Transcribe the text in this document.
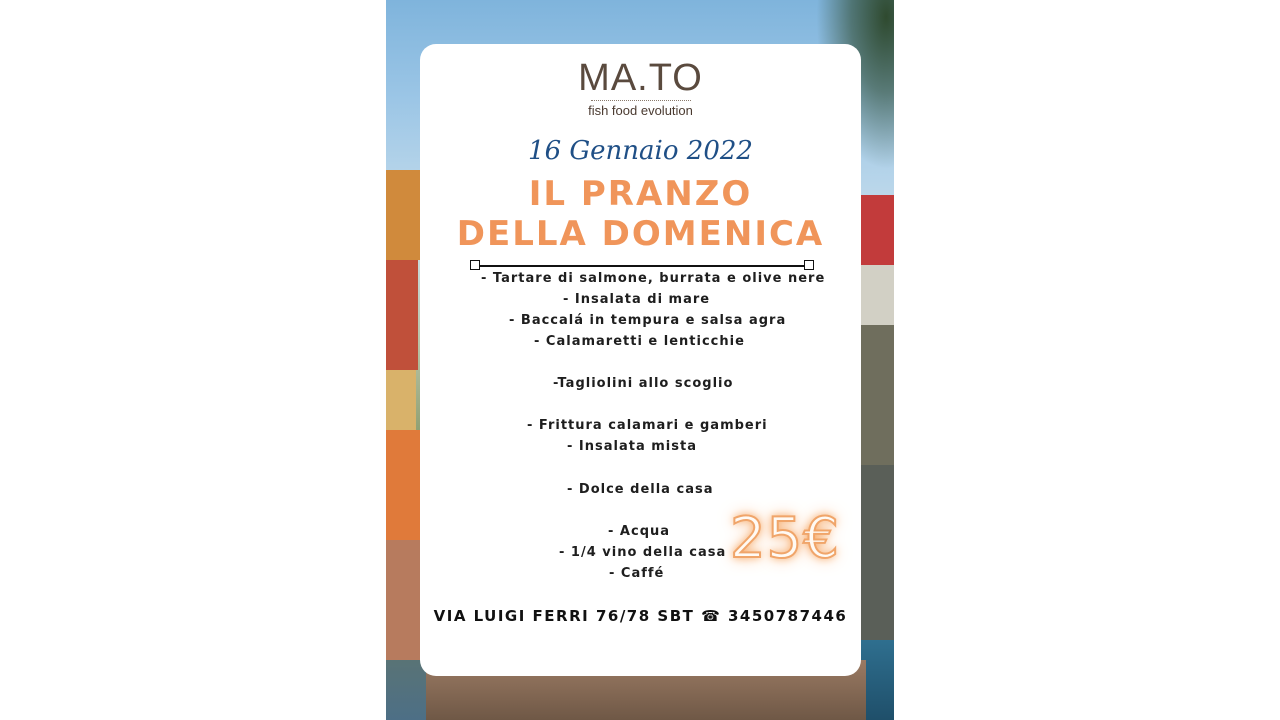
MA.TO
fish food evolution
16 Gennaio 2022
IL PRANZO
DELLA DOMENICA
- Tartare di salmone, burrata e olive nere
- Insalata di mare
- Baccalá in tempura e salsa agra
- Calamaretti e lenticchie
-Tagliolini allo scoglio
- Frittura calamari e gamberi
- Insalata mista
- Dolce della casa
- Acqua
- 1/4 vino della casa
- Caffé
25€
VIA LUIGI FERRI 76/78 SBT ☎ 3450787446
